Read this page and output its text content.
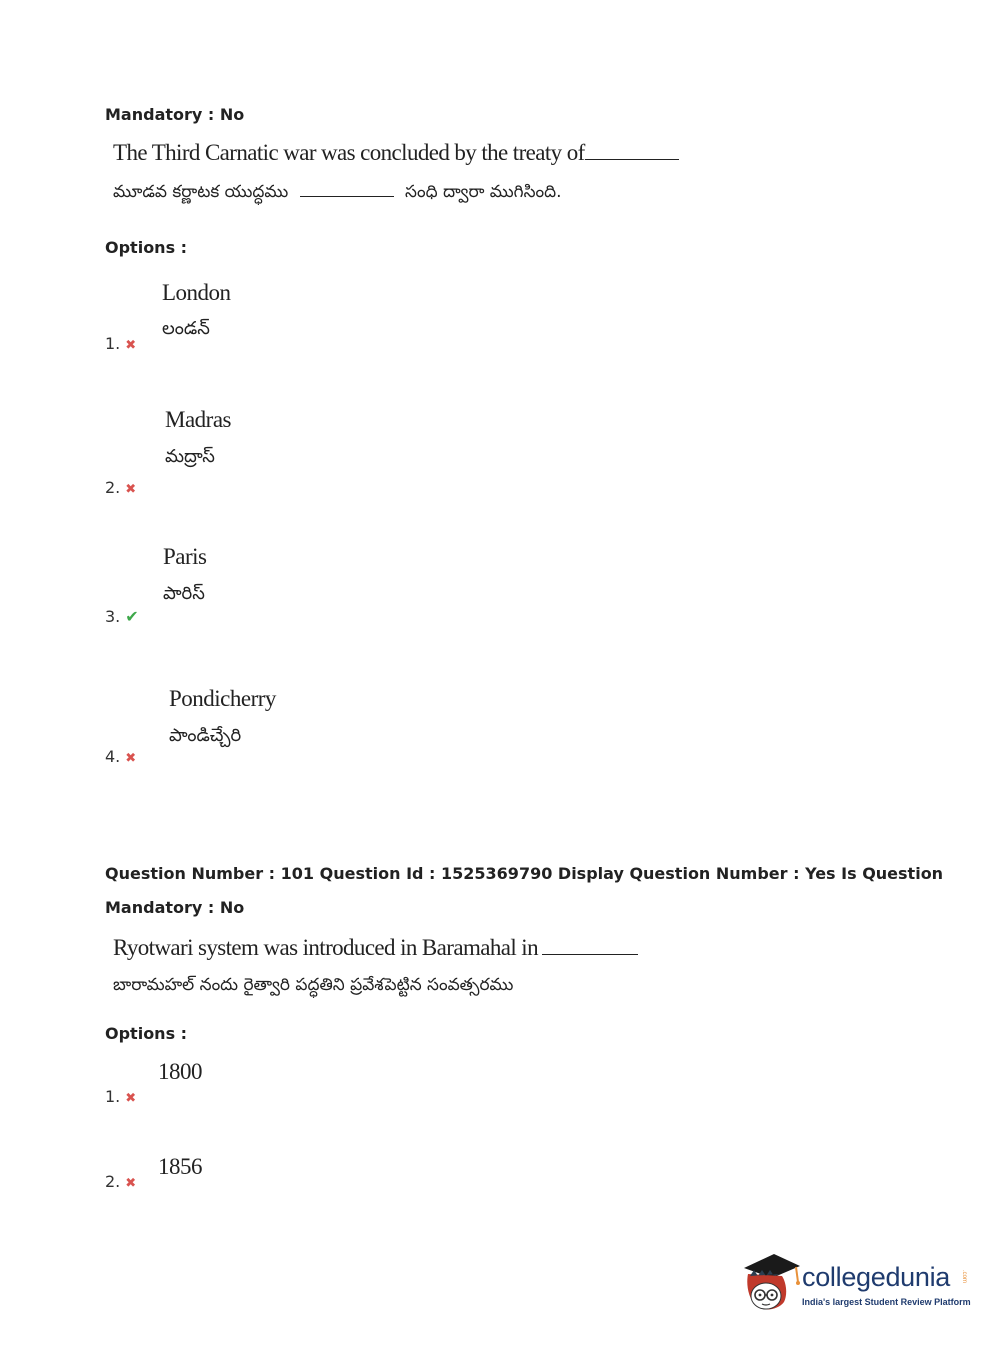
Mandatory : No
The Third Carnatic war was concluded by the treaty of
మూడవ కర్ణాటక యుద్ధము	సంధి ద్వారా ముగిసింది.
Options :
London
లండన్
1. ✖
Madras
మద్రాస్
2. ✖
Paris
పారిస్
3. ✔
Pondicherry
పాండిచ్చేరి
4. ✖
Question Number : 101 Question Id : 1525369790 Display Question Number : Yes Is Question
Mandatory : No
Ryotwari system was introduced in Baramahal in
బారామహల్ నందు రైత్వారి పద్ధతిని ప్రవేశపెట్టిన సంవత్సరము
Options :
1800
1. ✖
1856
2. ✖
collegedunia .com
India's largest Student Review Platform
